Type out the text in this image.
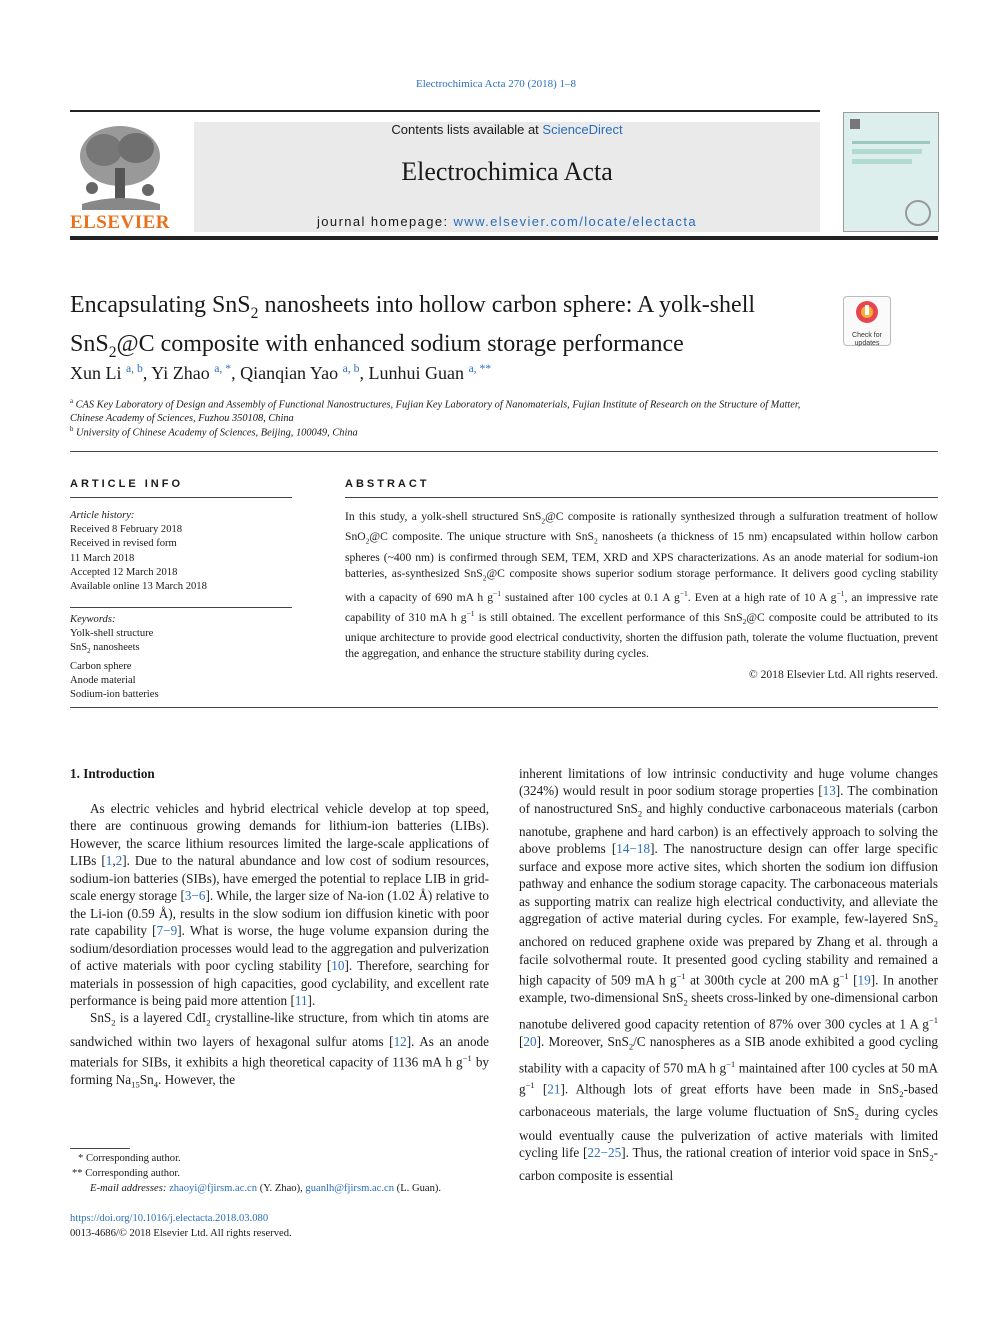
Electrochimica Acta 270 (2018) 1–8
ELSEVIER
Contents lists available at ScienceDirect
Electrochimica Acta
journal homepage: www.elsevier.com/locate/electacta
Encapsulating SnS$_2$ nanosheets into hollow carbon sphere: A yolk-shell SnS$_2$@C composite with enhanced sodium storage performance	Check for updates
Xun Li $^{a, b}$, Yi Zhao $^{a, *}$, Qianqian Yao $^{a, b}$, Lunhui Guan $^{a, **}$
$^a$ CAS Key Laboratory of Design and Assembly of Functional Nanostructures, Fujian Key Laboratory of Nanomaterials, Fujian Institute of Research on the Structure of Matter, Chinese Academy of Sciences, Fuzhou 350108, China
$^b$ University of Chinese Academy of Sciences, Beijing, 100049, China
ARTICLE INFO	ABSTRACT
Article history:
Received 8 February 2018
Received in revised form
11 March 2018
Accepted 12 March 2018
Available online 13 March 2018
Keywords:
Yolk-shell structure
SnS$_2$ nanosheets
Carbon sphere
Anode material
Sodium-ion batteries
In this study, a yolk-shell structured SnS$_2$@C composite is rationally synthesized through a sulfuration treatment of hollow SnO$_2$@C composite. The unique structure with SnS$_2$ nanosheets (a thickness of 15 nm) encapsulated within hollow carbon spheres (~400 nm) is confirmed through SEM, TEM, XRD and XPS characterizations. As an anode material for sodium-ion batteries, as-synthesized SnS$_2$@C composite shows superior sodium storage performance. It delivers good cycling stability with a capacity of 690 mA h $g^{-1}$ sustained after 100 cycles at 0.1 A $g^{-1}$. Even at a high rate of 10 A $g^{-1}$, an impressive rate capability of 310 mA h $g^{-1}$ is still obtained. The excellent performance of this SnS$_2$@C composite could be attributed to its unique architecture to provide good electrical conductivity, shorten the diffusion path, tolerate the volume fluctuation, prevent the aggregation, and enhance the structure stability during cycles.
© 2018 Elsevier Ltd. All rights reserved.
1. Introduction

As electric vehicles and hybrid electrical vehicle develop at top speed, there are continuous growing demands for lithium-ion batteries (LIBs). However, the scarce lithium resources limited the large-scale applications of LIBs [1,2]. Due to the natural abundance and low cost of sodium resources, sodium-ion batteries (SIBs), have emerged the potential to replace LIB in grid-scale energy storage [3−6]. While, the larger size of Na-ion (1.02 Å) relative to the Li-ion (0.59 Å), results in the slow sodium ion diffusion kinetic with poor rate capability [7−9]. What is worse, the huge volume expansion during the sodium/desordiation processes would lead to the aggregation and pulverization of active materials with poor cycling stability [10]. Therefore, searching for materials in possession of high capacities, good cyclability, and excellent rate performance is being paid more attention [11].

SnS$_2$ is a layered CdI$_2$ crystalline-like structure, from which tin atoms are sandwiched within two layers of hexagonal sulfur atoms [12]. As an anode materials for SIBs, it exhibits a high theoretical capacity of 1136 mA h $g^{-1}$ by forming $Na_{15}Sn_4$. However, the

inherent limitations of low intrinsic conductivity and huge volume changes (324%) would result in poor sodium storage properties [13]. The combination of nanostructured SnS$_2$ and highly conductive carbonaceous materials (carbon nanotube, graphene and hard carbon) is an effectively approach to solving the above problems [14−18]. The nanostructure design can offer large specific surface and expose more active sites, which shorten the sodium ion diffusion pathway and enhance the sodium storage capacity. The carbonaceous materials as supporting matrix can realize high electrical conductivity, and alleviate the aggregation of active material during cycles. For example, few-layered SnS$_2$ anchored on reduced graphene oxide was prepared by Zhang et al. through a facile solvothermal route. It presented good cycling stability and remained a high capacity of 509 mA h $g^{-1}$ at 300th cycle at 200 mA $g^{-1}$ [19]. In another example, two-dimensional SnS$_2$ sheets cross-linked by one-dimensional carbon nanotube delivered good capacity retention of 87% over 300 cycles at 1 A $g^{-1}$ [20]. Moreover, SnS$_2$/C nanospheres as a SIB anode exhibited a good cycling stability with a capacity of 570 mA h $g^{-1}$ maintained after 100 cycles at 50 mA $g^{-1}$ [21]. Although lots of great efforts have been made in SnS$_2$-based carbonaceous materials, the large volume fluctuation of SnS$_2$ during cycles would eventually cause the pulverization of active materials with limited cycling life [22−25]. Thus, the rational creation of interior void space in SnS$_2$-carbon composite is essential

* Corresponding author.
** Corresponding author.
E-mail addresses: zhaoyi@fjirsm.ac.cn (Y. Zhao), guanlh@fjirsm.ac.cn (L. Guan).
https://doi.org/10.1016/j.electacta.2018.03.080
0013-4686/© 2018 Elsevier Ltd. All rights reserved.
